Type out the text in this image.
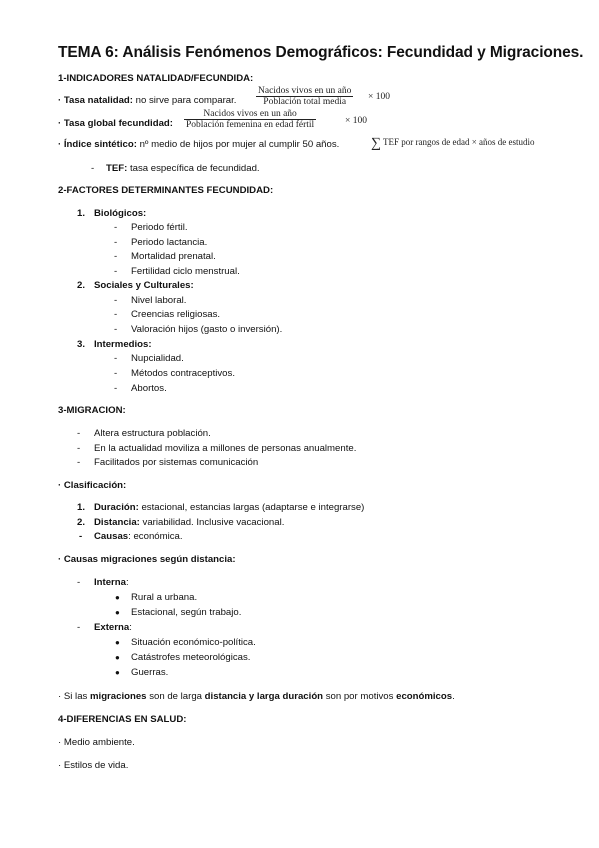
TEMA 6: Análisis Fenómenos Demográficos: Fecundidad y Migraciones.
1-INDICADORES NATALIDAD/FECUNDIDA:
· Tasa natalidad: no sirve para comparar.
Nacidos vivos en un año
Población total media	× 100
· Tasa global fecundidad:
Nacidos vivos en un año
Población femenina en edad fértil	× 100
· Índice sintético: nº medio de hijos por mujer al cumplir 50 años. ∑ TEF por rangos de edad × años de estudio
- TEF: tasa específica de fecundidad.
2-FACTORES DETERMINANTES FECUNDIDAD:
1. Biológicos:
- Periodo fértil.
- Periodo lactancia.
- Mortalidad prenatal.
- Fertilidad ciclo menstrual.
2. Sociales y Culturales:
- Nivel laboral.
- Creencias religiosas.
- Valoración hijos (gasto o inversión).
3. Intermedios:
- Nupcialidad.
- Métodos contraceptivos.
- Abortos.
3-MIGRACION:
- Altera estructura población.
- En la actualidad moviliza a millones de personas anualmente.
- Facilitados por sistemas comunicación
· Clasificación:
1. Duración: estacional, estancias largas (adaptarse e integrarse)
2. Distancia: variabilidad. Inclusive vacacional.
- Causas: económica.
· Causas migraciones según distancia:
- Interna:
● Rural a urbana.
● Estacional, según trabajo.
- Externa:
● Situación económico-política.
● Catástrofes meteorológicas.
● Guerras.
· Si las migraciones son de larga distancia y larga duración son por motivos económicos.
4-DIFERENCIAS EN SALUD:
· Medio ambiente.
· Estilos de vida.
